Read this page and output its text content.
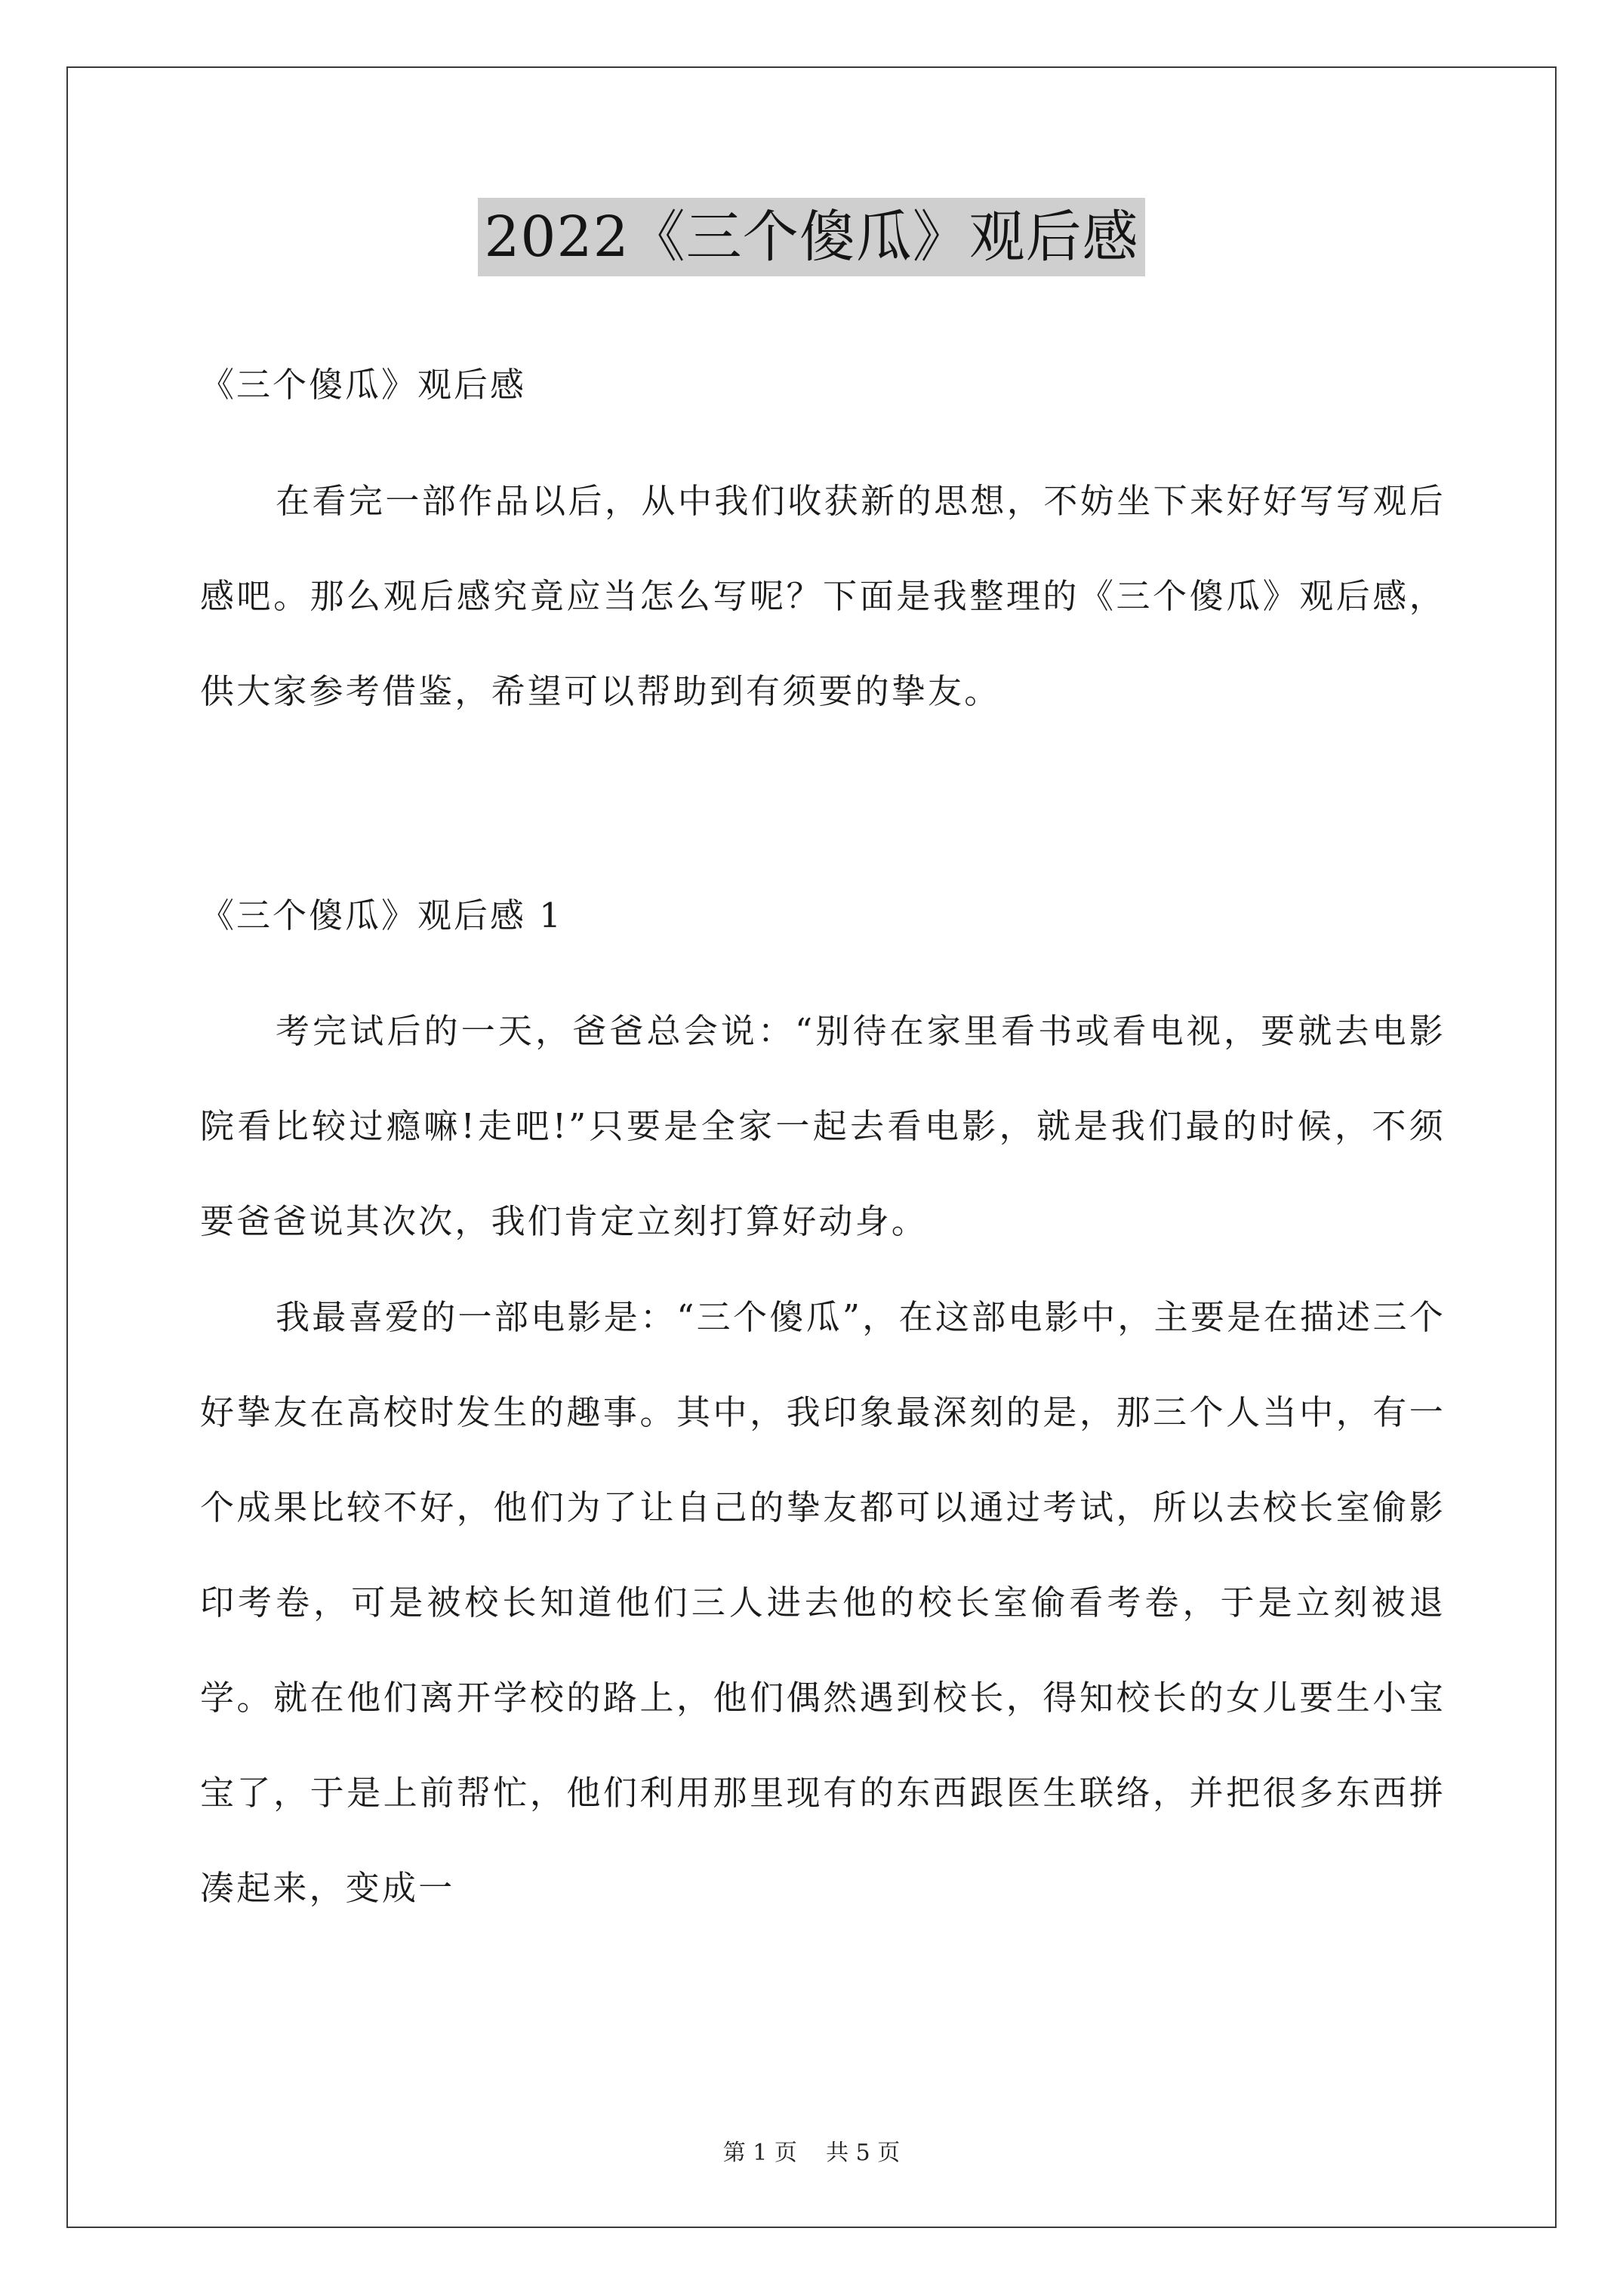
2022《三个傻瓜》观后感
《三个傻瓜》观后感
在看完一部作品以后，从中我们收获新的思想，不妨坐下来好好写写观后感吧。那么观后感究竟应当怎么写呢？下面是我整理的《三个傻瓜》观后感，供大家参考借鉴，希望可以帮助到有须要的挚友。
《三个傻瓜》观后感 1
考完试后的一天，爸爸总会说：“别待在家里看书或看电视，要就去电影院看比较过瘾嘛!走吧!”只要是全家一起去看电影，就是我们最的时候，不须要爸爸说其次次，我们肯定立刻打算好动身。
我最喜爱的一部电影是：“三个傻瓜”，在这部电影中，主要是在描述三个好挚友在高校时发生的趣事。其中，我印象最深刻的是，那三个人当中，有一个成果比较不好，他们为了让自己的挚友都可以通过考试，所以去校长室偷影印考卷，可是被校长知道他们三人进去他的校长室偷看考卷，于是立刻被退学。就在他们离开学校的路上，他们偶然遇到校长，得知校长的女儿要生小宝宝了，于是上前帮忙，他们利用那里现有的东西跟医生联络，并把很多东西拼凑起来，变成一
第 1 页 共 5 页
